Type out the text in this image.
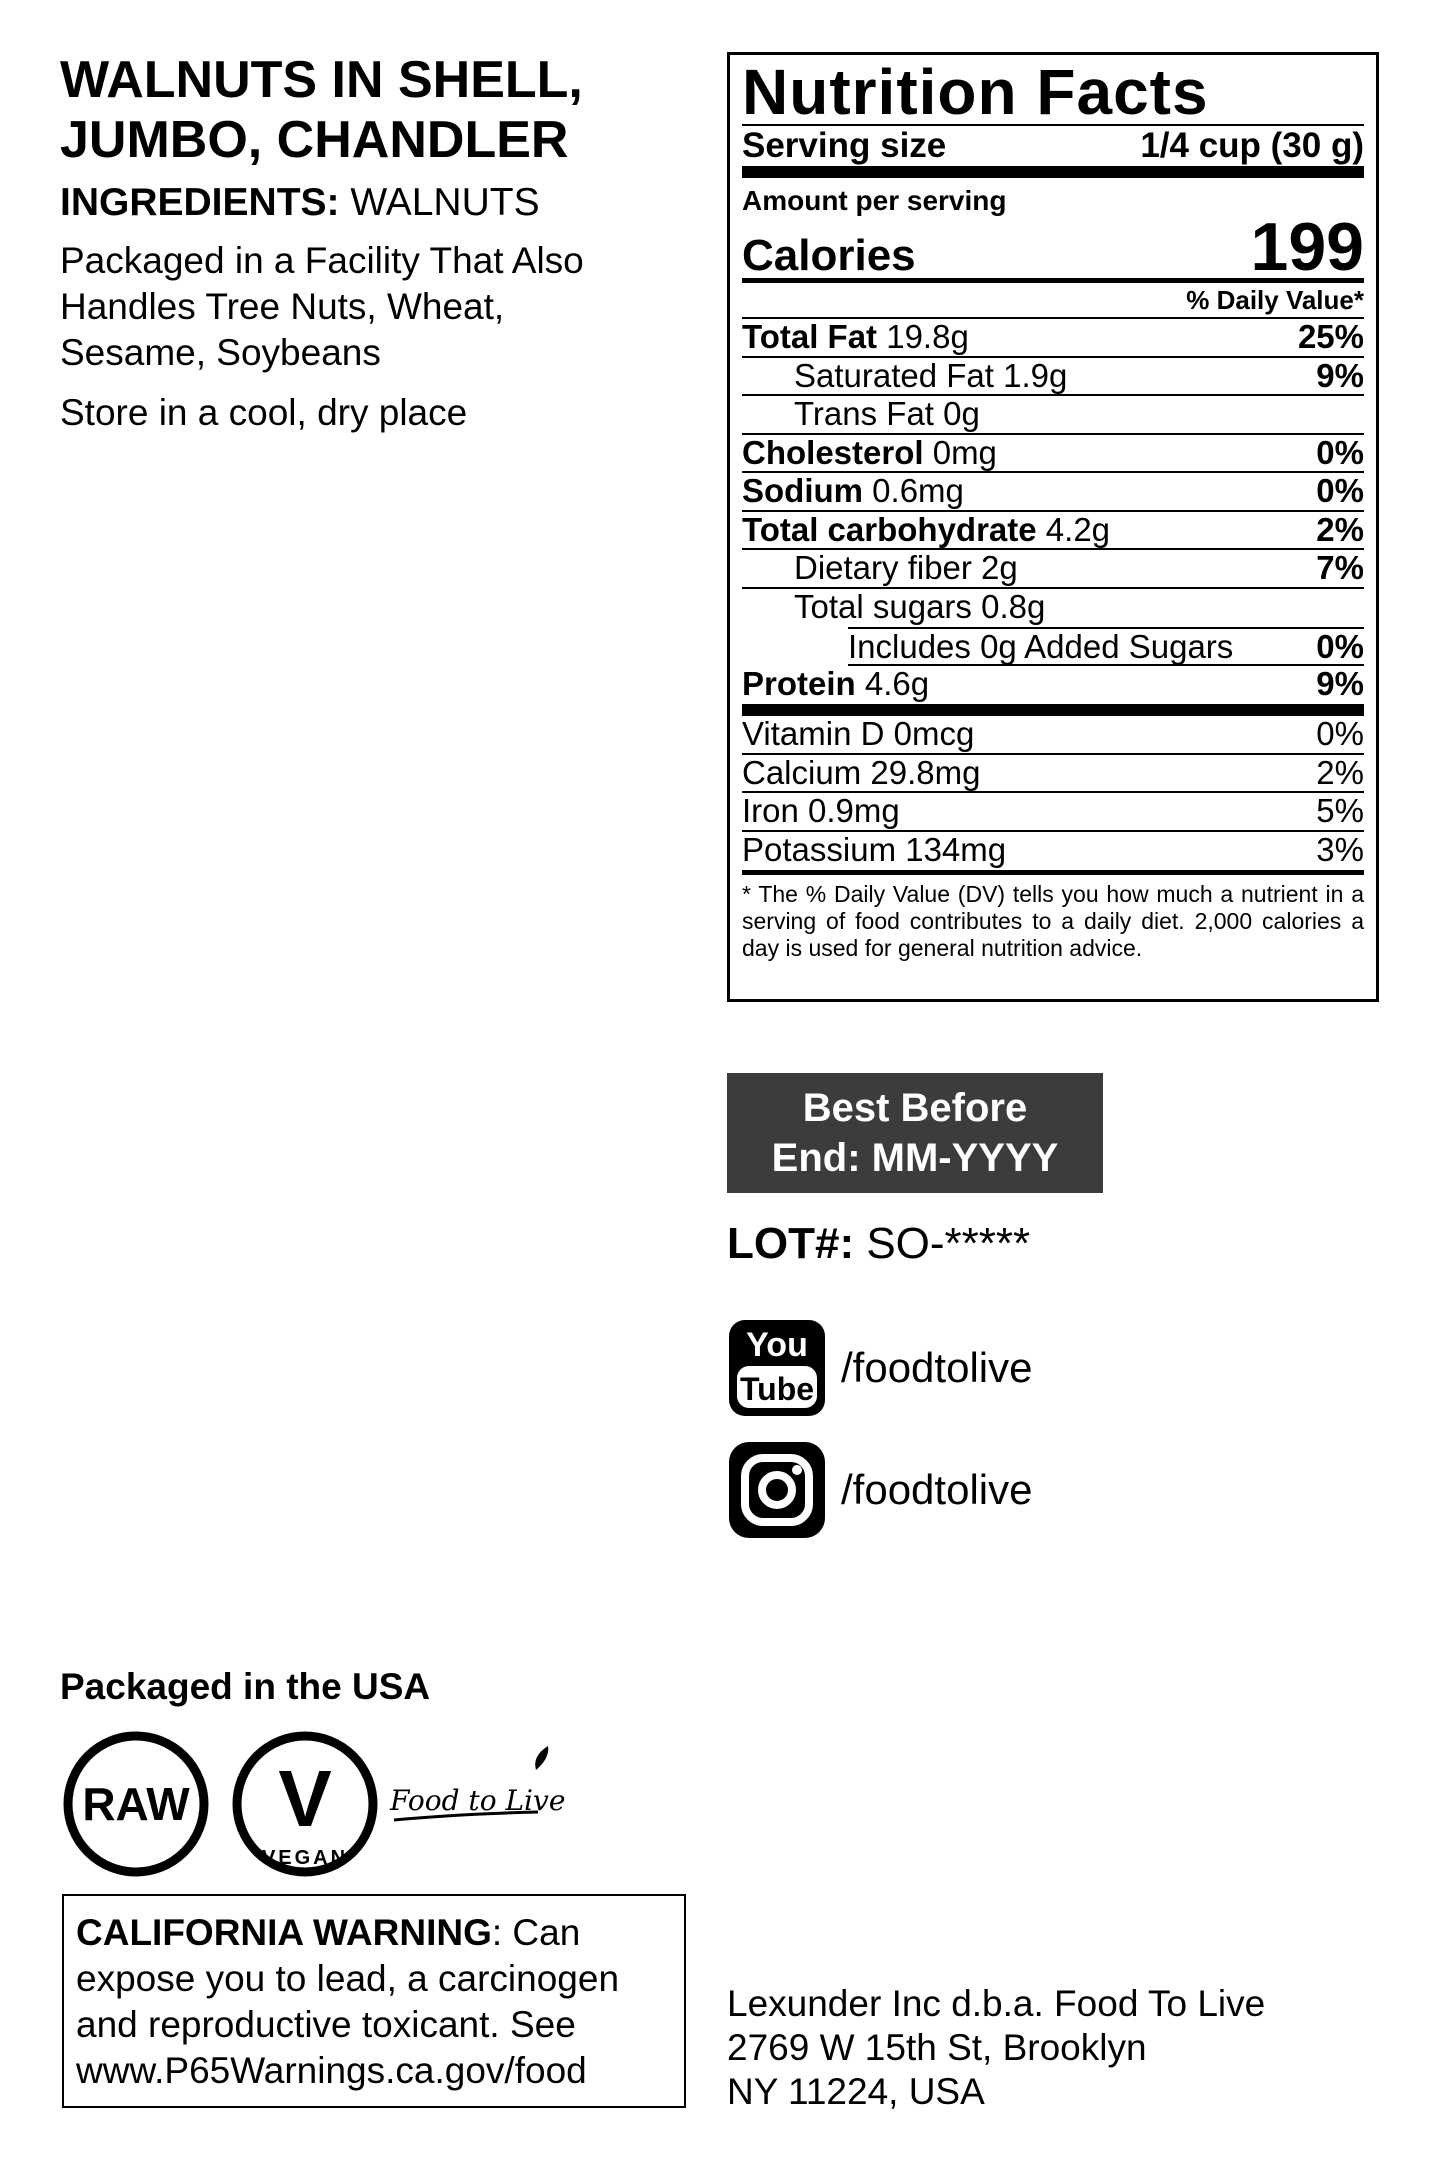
WALNUTS IN SHELL,
JUMBO, CHANDLER
INGREDIENTS: WALNUTS
Packaged in a Facility That Also
Handles Tree Nuts, Wheat,
Sesame, Soybeans
Store in a cool, dry place
Nutrition Facts
Serving size	1/4 cup (30 g)
Amount per serving
Calories	199
% Daily Value*
Total Fat 19.8g	25%
Saturated Fat 1.9g	9%
Trans Fat 0g
Cholesterol 0mg	0%
Sodium 0.6mg	0%
Total carbohydrate 4.2g	2%
Dietary fiber 2g	7%
Total sugars 0.8g
Includes 0g Added Sugars	0%
Protein 4.6g	9%
Vitamin D 0mcg	0%
Calcium 29.8mg	2%
Iron 0.9mg	5%
Potassium 134mg	3%
* The % Daily Value (DV) tells you how much a nutrient in a serving of food contributes to a daily diet. 2,000 calories a day is used for general nutrition advice.
Best Before
End: MM-YYYY
LOT#: SO-*****
You
Tube /foodtolive
/foodtolive
Packaged in the USA
RAW V
VEGAN
Food to Live
CALIFORNIA WARNING: Can
expose you to lead, a carcinogen
and reproductive toxicant. See
www.P65Warnings.ca.gov/food
Lexunder Inc d.b.a. Food To Live
2769 W 15th St, Brooklyn
NY 11224, USA
